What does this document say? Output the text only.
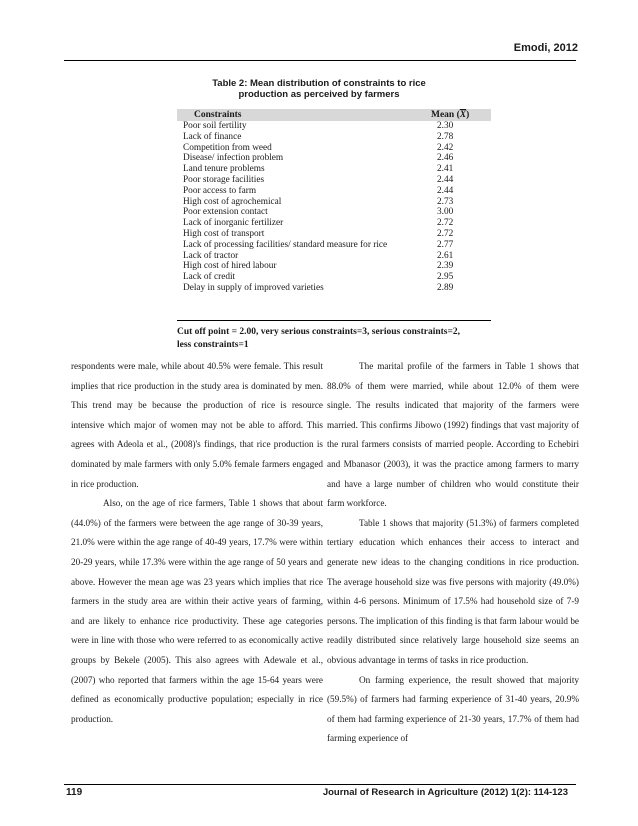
Emodi, 2012
Table 2: Mean distribution of constraints to rice
production as perceived by farmers
Constraints	Mean $(\overline{X})$
Poor soil fertility	2.30
Lack of finance	2.78
Competition from weed	2.42
Disease/ infection problem	2.46
Land tenure problems	2.41
Poor storage facilities	2.44
Poor access to farm	2.44
High cost of agrochemical	2.73
Poor extension contact	3.00
Lack of inorganic fertilizer	2.72
High cost of transport	2.72
Lack of processing facilities/ standard measure for rice	2.77
Lack of tractor	2.61
High cost of hired labour	2.39
Lack of credit	2.95
Delay in supply of improved varieties	2.89
Cut off point = 2.00, very serious constraints=3, serious constraints=2,
less constraints=1

respondents were male, while about 40.5% were female. This result implies that rice production in the study area is dominated by men. This trend may be because the production of rice is resource intensive which major of women may not be able to afford. This agrees with Adeola et al., (2008)'s findings, that rice production is dominated by male farmers with only 5.0% female farmers engaged in rice production.

Also, on the age of rice farmers, Table 1 shows that about (44.0%) of the farmers were between the age range of 30-39 years, 21.0% were within the age range of 40-49 years, 17.7% were within 20-29 years, while 17.3% were within the age range of 50 years and above. However the mean age was 23 years which implies that rice farmers in the study area are within their active years of farming, and are likely to enhance rice productivity. These age categories were in line with those who were referred to as economically active groups by Bekele (2005). This also agrees with Adewale et al., (2007) who reported that farmers within the age 15-64 years were defined as economically productive population; especially in rice production.

The marital profile of the farmers in Table 1 shows that 88.0% of them were married, while about 12.0% of them were single. The results indicated that majority of the farmers were married. This confirms Jibowo (1992) findings that vast majority of the rural farmers consists of married people. According to Echebiri and Mbanasor (2003), it was the practice among farmers to marry and have a large number of children who would constitute their farm workforce.

Table 1 shows that majority (51.3%) of farmers completed tertiary education which enhances their access to interact and generate new ideas to the changing conditions in rice production. The average household size was five persons with majority (49.0%) within 4-6 persons. Minimum of 17.5% had household size of 7-9 persons. The implication of this finding is that farm labour would be readily distributed since relatively large household size seems an obvious advantage in terms of tasks in rice production.

On farming experience, the result showed that majority (59.5%) of farmers had farming experience of 31-40 years, 20.9% of them had farming experience of 21-30 years, 17.7% of them had farming experience of

119	Journal of Research in Agriculture (2012) 1(2): 114-123
